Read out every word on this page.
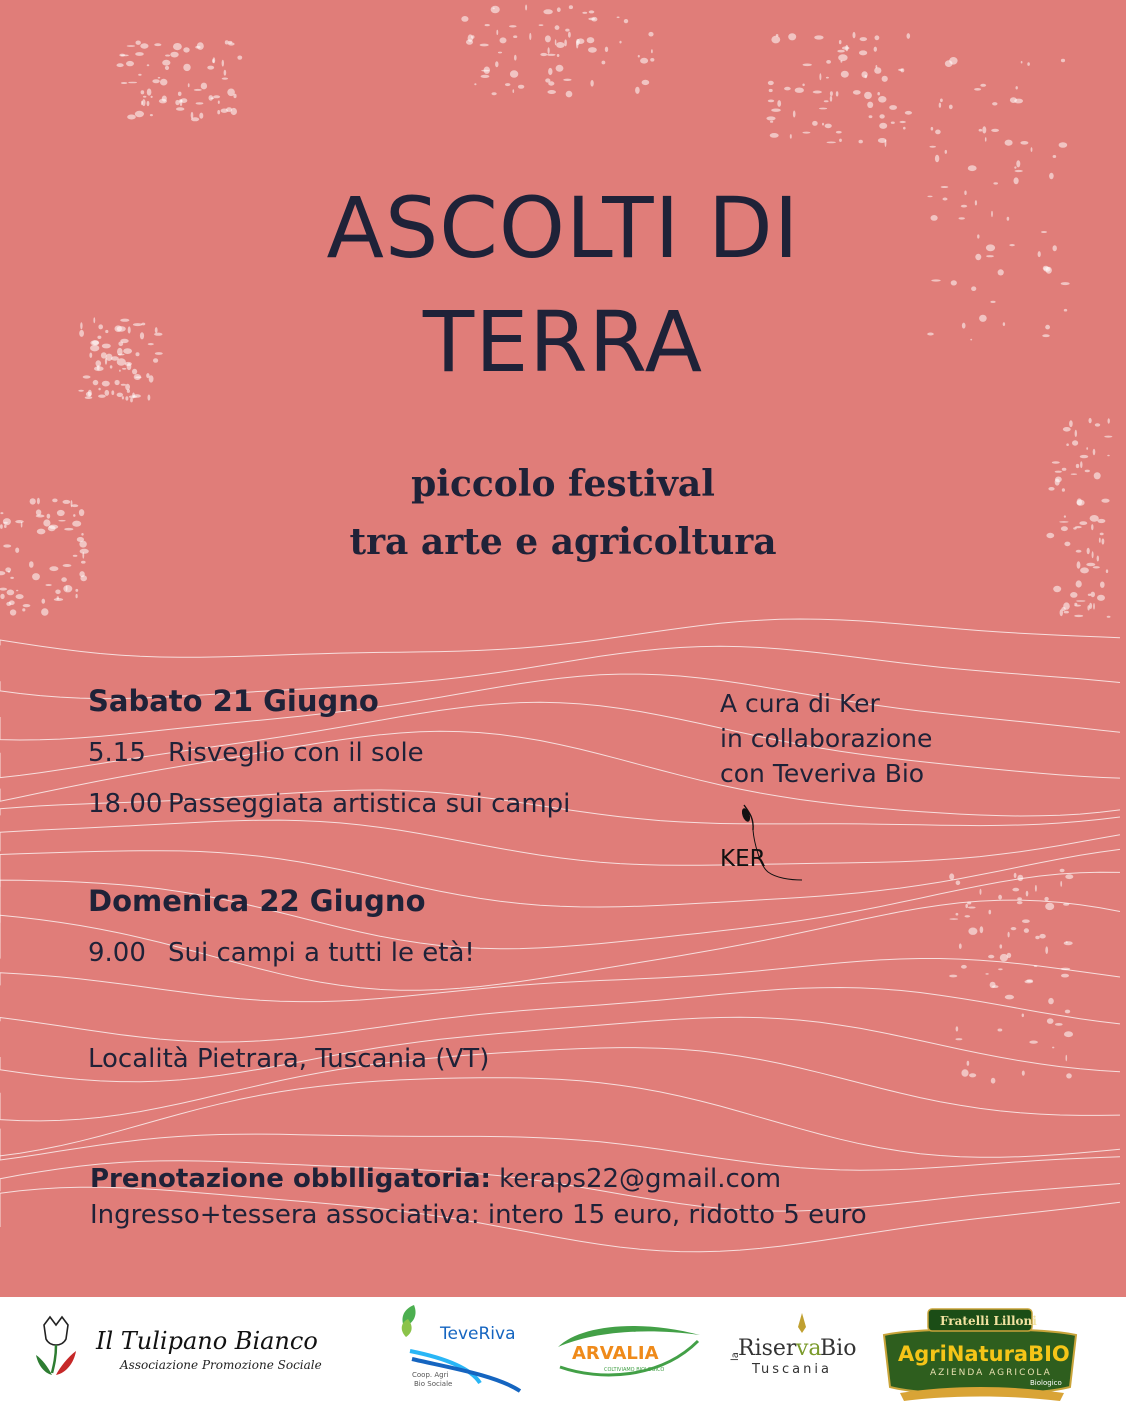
ASCOLTI DI
TERRA
piccolo festival
tra arte e agricoltura
Sabato 21 Giugno
5.15 Risveglio con il sole
18.00 Passeggiata artistica sui campi
Domenica 22 Giugno
9.00 Sui campi a tutti le età!
Località Pietrara, Tuscania (VT)
A cura di Ker
in collaborazione
con Teveriva Bio
KER
Prenotazione obblligatoria: keraps22@gmail.com
Ingresso+tessera associativa: intero 15 euro, ridotto 5 euro
Il Tulipano Bianco
Associazione Promozione Sociale
TeveRiva
Coop. Agri
Bio Sociale
ARVALIA
COLTIVIAMO BIOLOGICO
la
Riser va
Bio
Tuscania
Fratelli Lilloni
AgriNaturaBIO
AZIENDA AGRICOLA
Biologico
